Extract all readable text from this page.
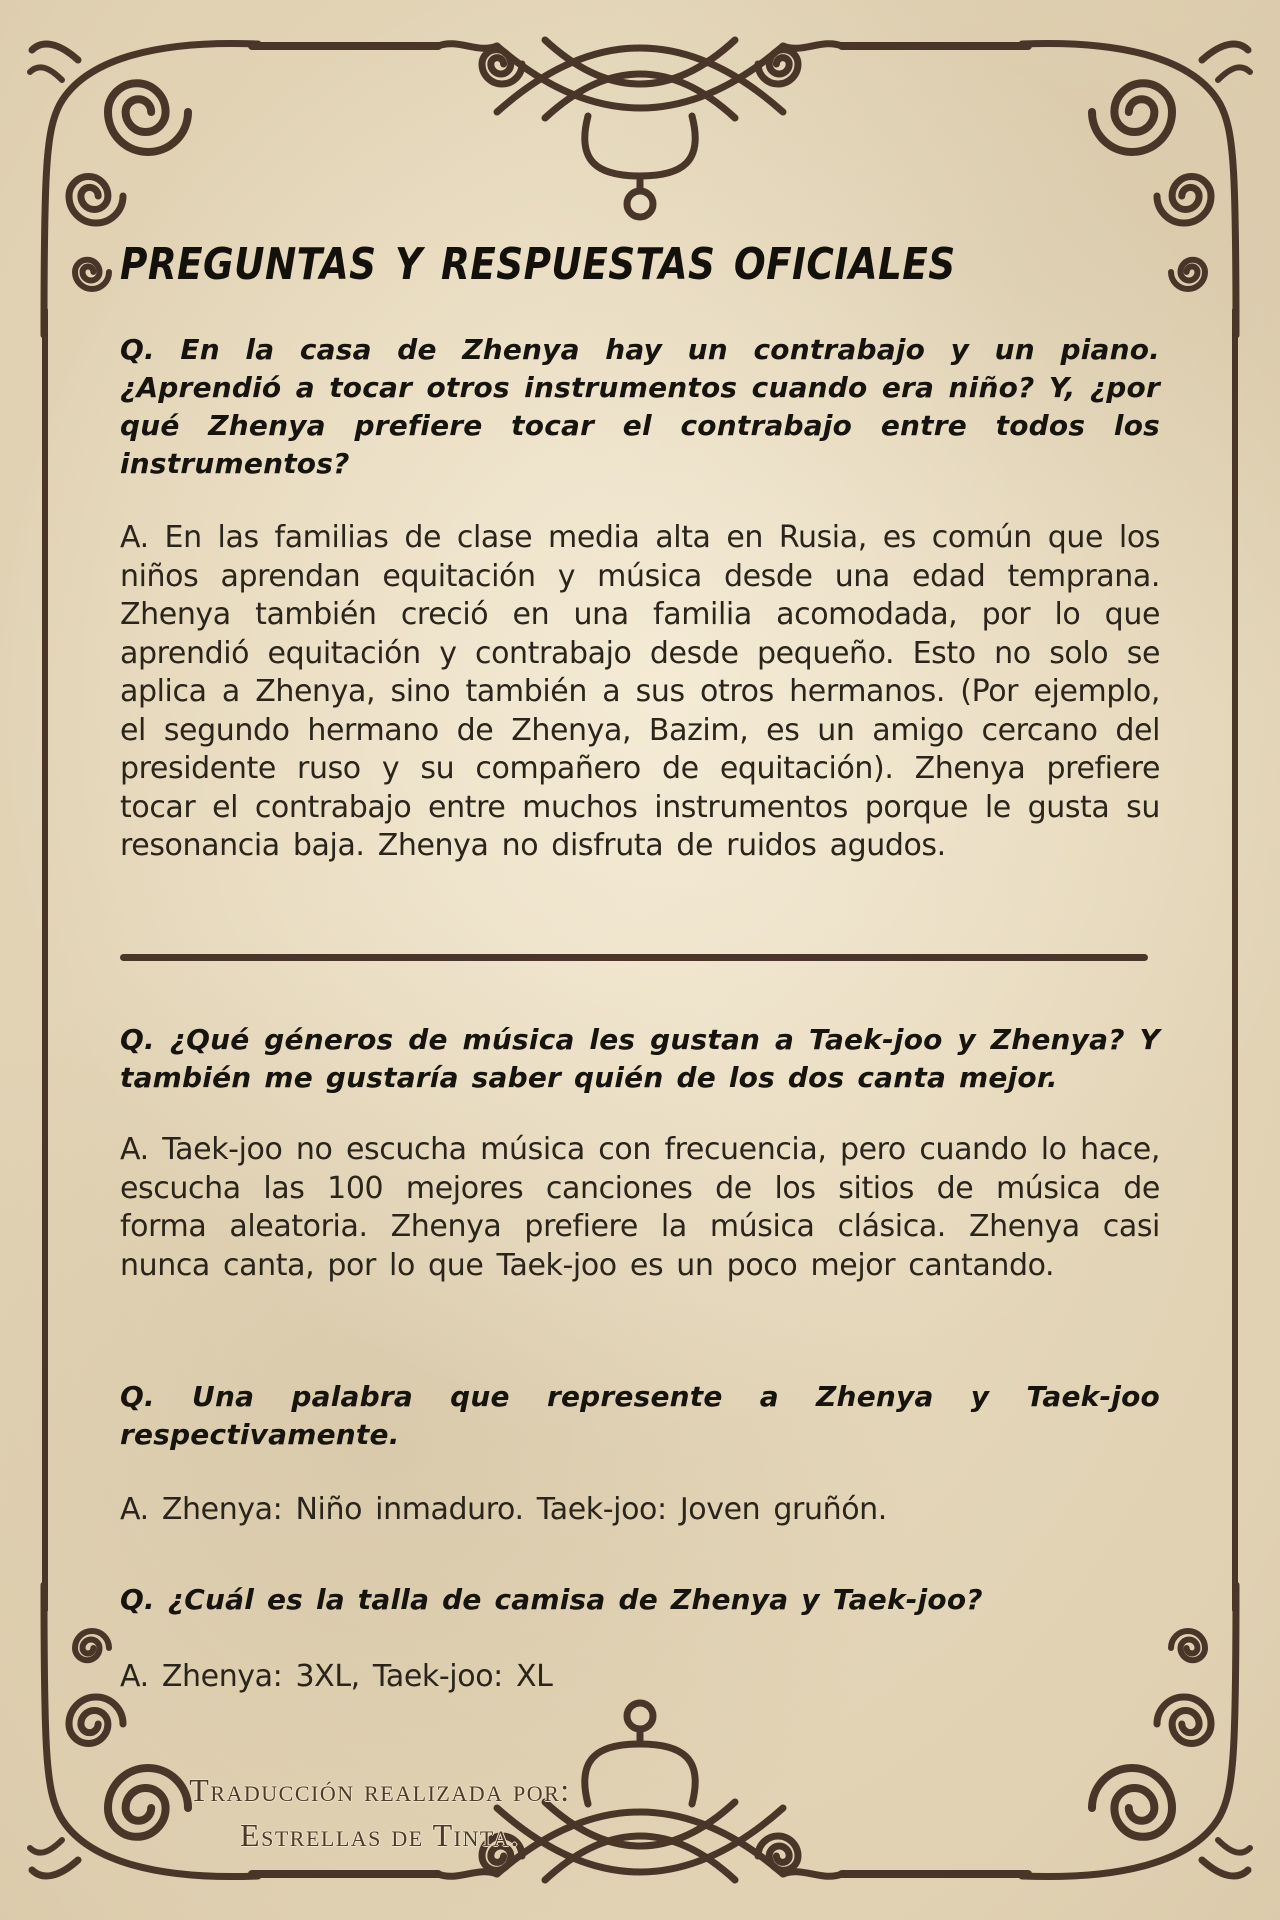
PREGUNTAS Y RESPUESTAS OFICIALES

Q. En la casa de Zhenya hay un contrabajo y un piano. ¿Aprendió a tocar otros instrumentos cuando era niño? Y, ¿por qué Zhenya prefiere tocar el contrabajo entre todos los instrumentos?

A. En las familias de clase media alta en Rusia, es común que los niños aprendan equitación y música desde una edad temprana. Zhenya también creció en una familia acomodada, por lo que aprendió equitación y contrabajo desde pequeño. Esto no solo se aplica a Zhenya, sino también a sus otros hermanos. (Por ejemplo, el segundo hermano de Zhenya, Bazim, es un amigo cercano del presidente ruso y su compañero de equitación). Zhenya prefiere tocar el contrabajo entre muchos instrumentos porque le gusta su resonancia baja. Zhenya no disfruta de ruidos agudos.

Q. ¿Qué géneros de música les gustan a Taek-joo y Zhenya? Y también me gustaría saber quién de los dos canta mejor.

A. Taek-joo no escucha música con frecuencia, pero cuando lo hace, escucha las 100 mejores canciones de los sitios de música de forma aleatoria. Zhenya prefiere la música clásica. Zhenya casi nunca canta, por lo que Taek-joo es un poco mejor cantando.

Q. Una palabra que represente a Zhenya y Taek-joo respectivamente.

A. Zhenya: Niño inmaduro. Taek-joo: Joven gruñón.

Q. ¿Cuál es la talla de camisa de Zhenya y Taek-joo?

A. Zhenya: 3XL, Taek-joo: XL

Traducción realizada por:
Estrellas de Tinta.
